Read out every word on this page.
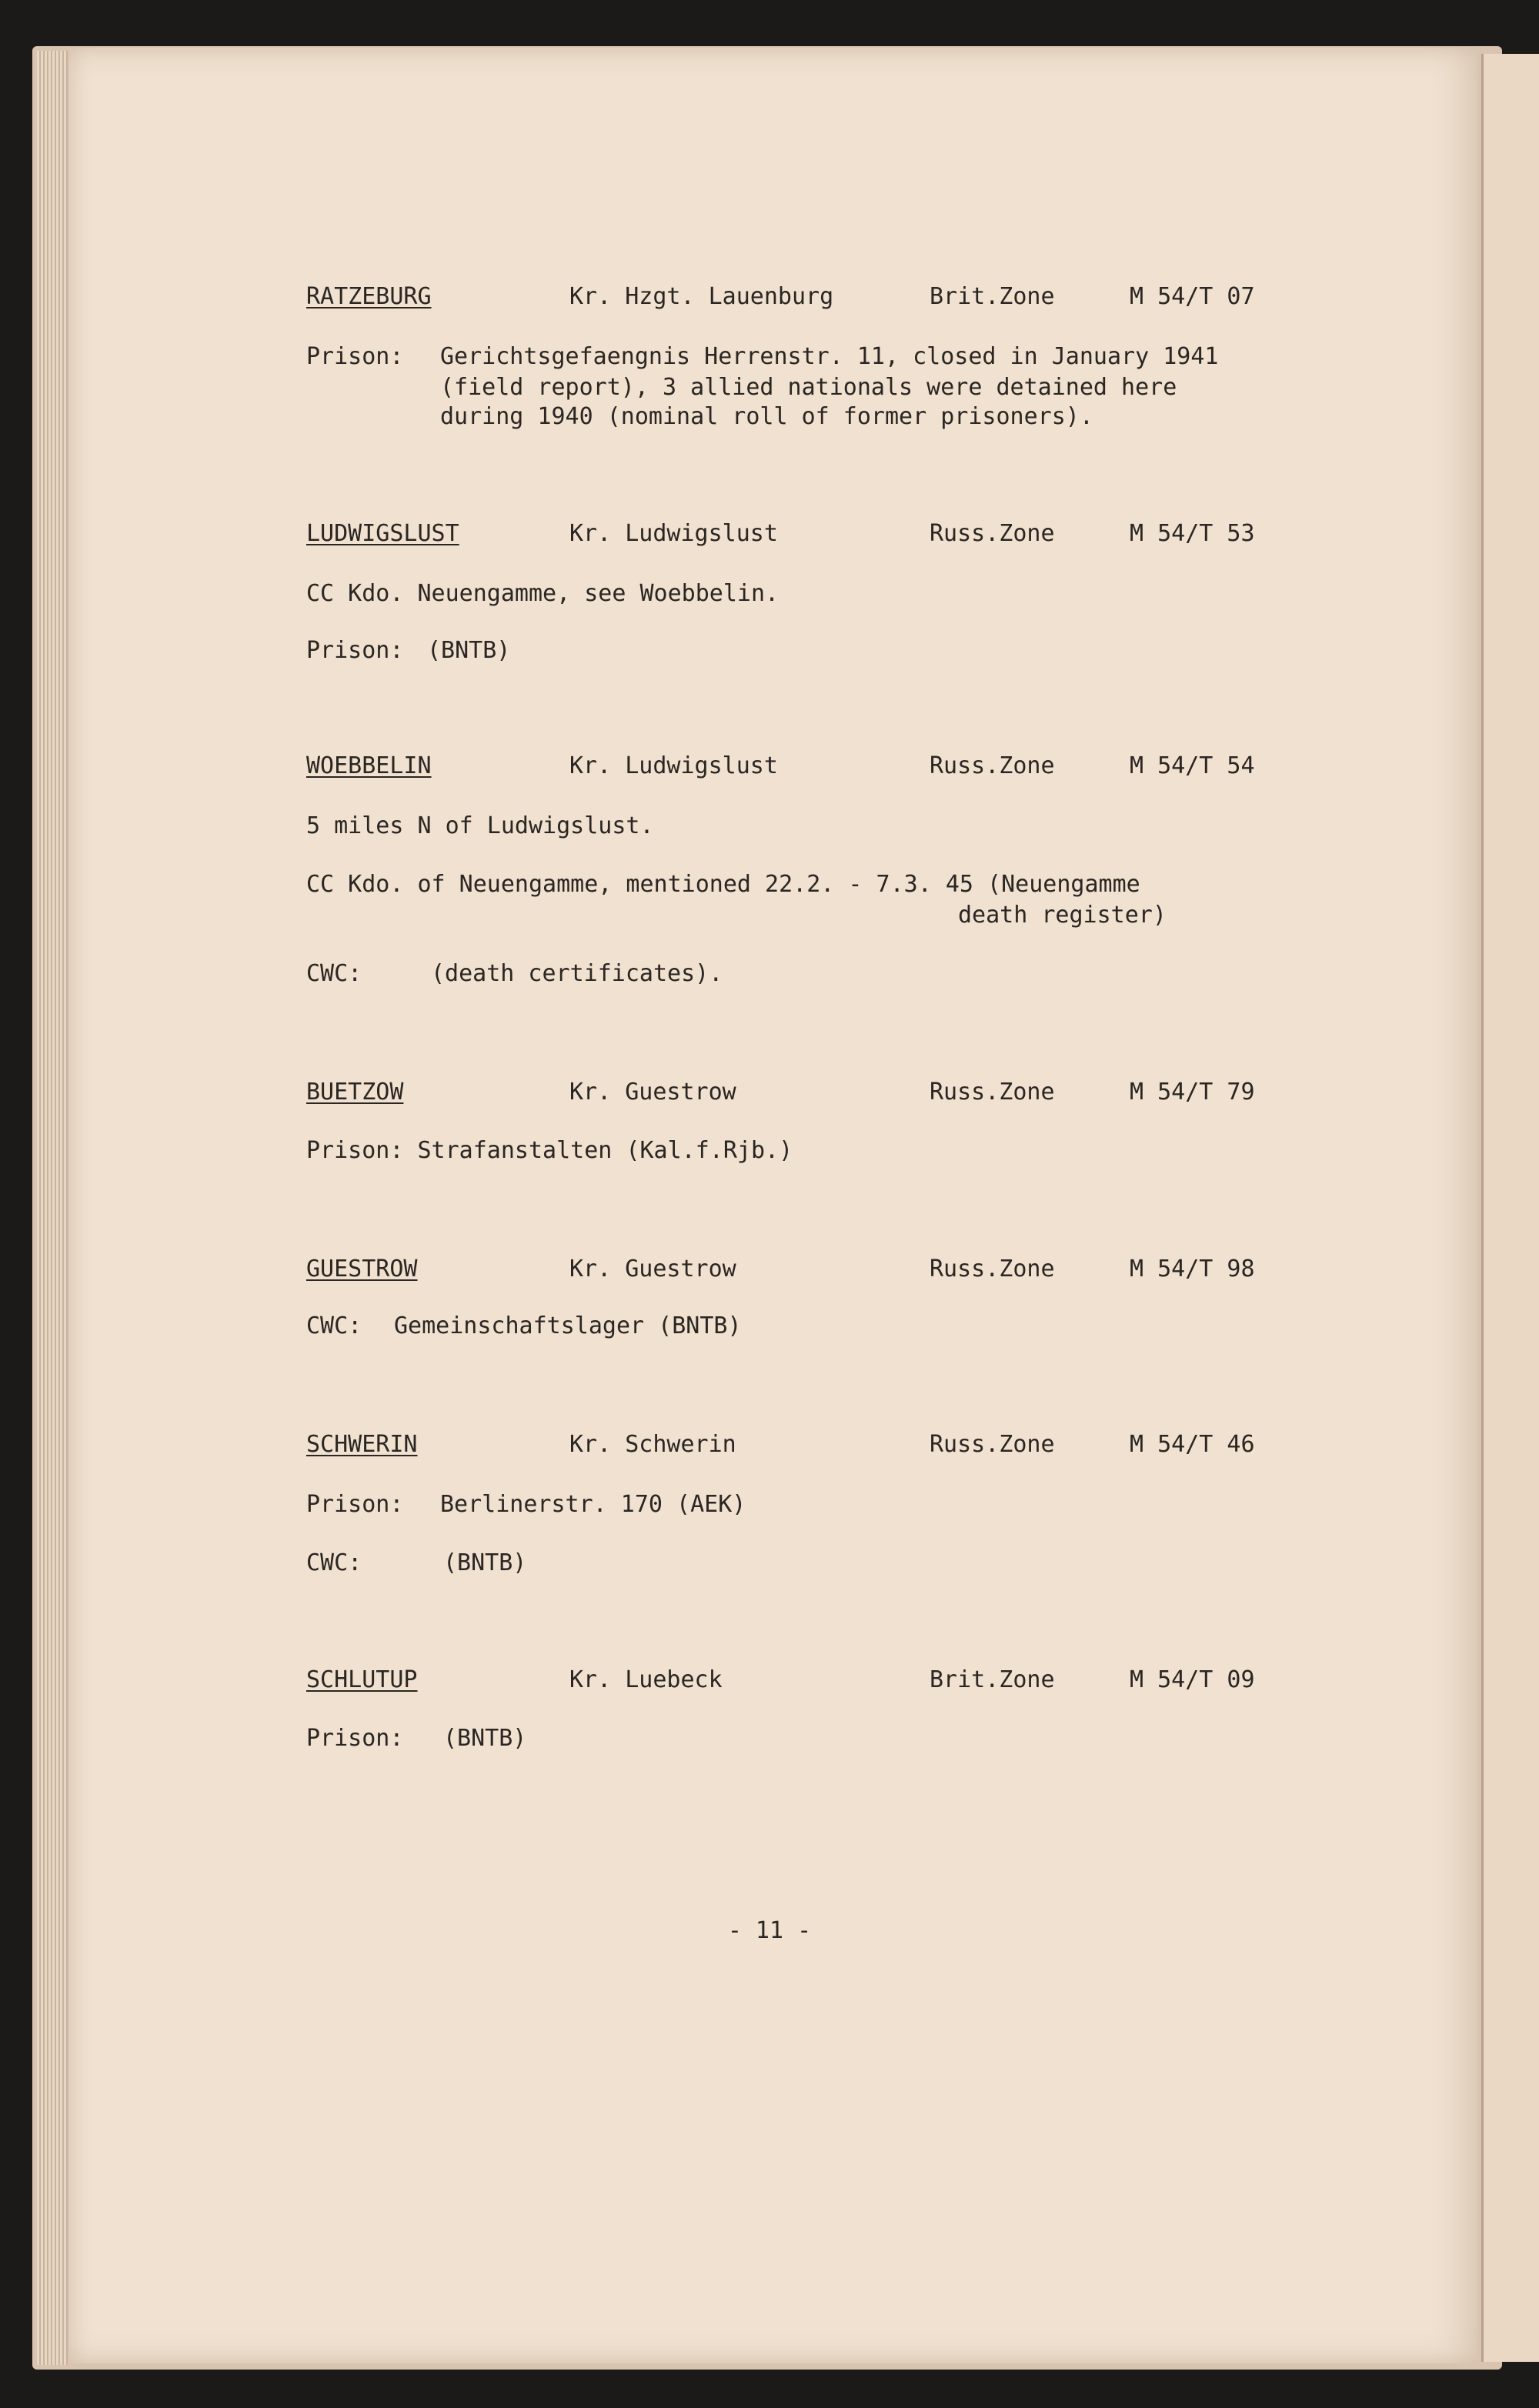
RATZEBURG	Kr. Hzgt. Lauenburg	Brit.Zone	M 54/T 07
Prison: Gerichtsgefaengnis Herrenstr. 11, closed in January 1941
(field report), 3 allied nationals were detained here
during 1940 (nominal roll of former prisoners).
LUDWIGSLUST	Kr. Ludwigslust	Russ.Zone	M 54/T 53
CC Kdo. Neuengamme, see Woebbelin.
Prison: (BNTB)
WOEBBELIN	Kr. Ludwigslust	Russ.Zone	M 54/T 54
5 miles N of Ludwigslust.
CC Kdo. of Neuengamme, mentioned 22.2. - 7.3. 45 (Neuengamme
death register)
CWC:	(death certificates).
BUETZOW	Kr. Guestrow	Russ.Zone	M 54/T 79
Prison: Strafanstalten (Kal.f.Rjb.)
GUESTROW	Kr. Guestrow	Russ.Zone	M 54/T 98
CWC: Gemeinschaftslager (BNTB)
SCHWERIN	Kr. Schwerin	Russ.Zone	M 54/T 46
Prison: Berlinerstr. 170 (AEK)
CWC:	(BNTB)
SCHLUTUP	Kr. Luebeck	Brit.Zone	M 54/T 09
Prison: (BNTB)
- 11 -
